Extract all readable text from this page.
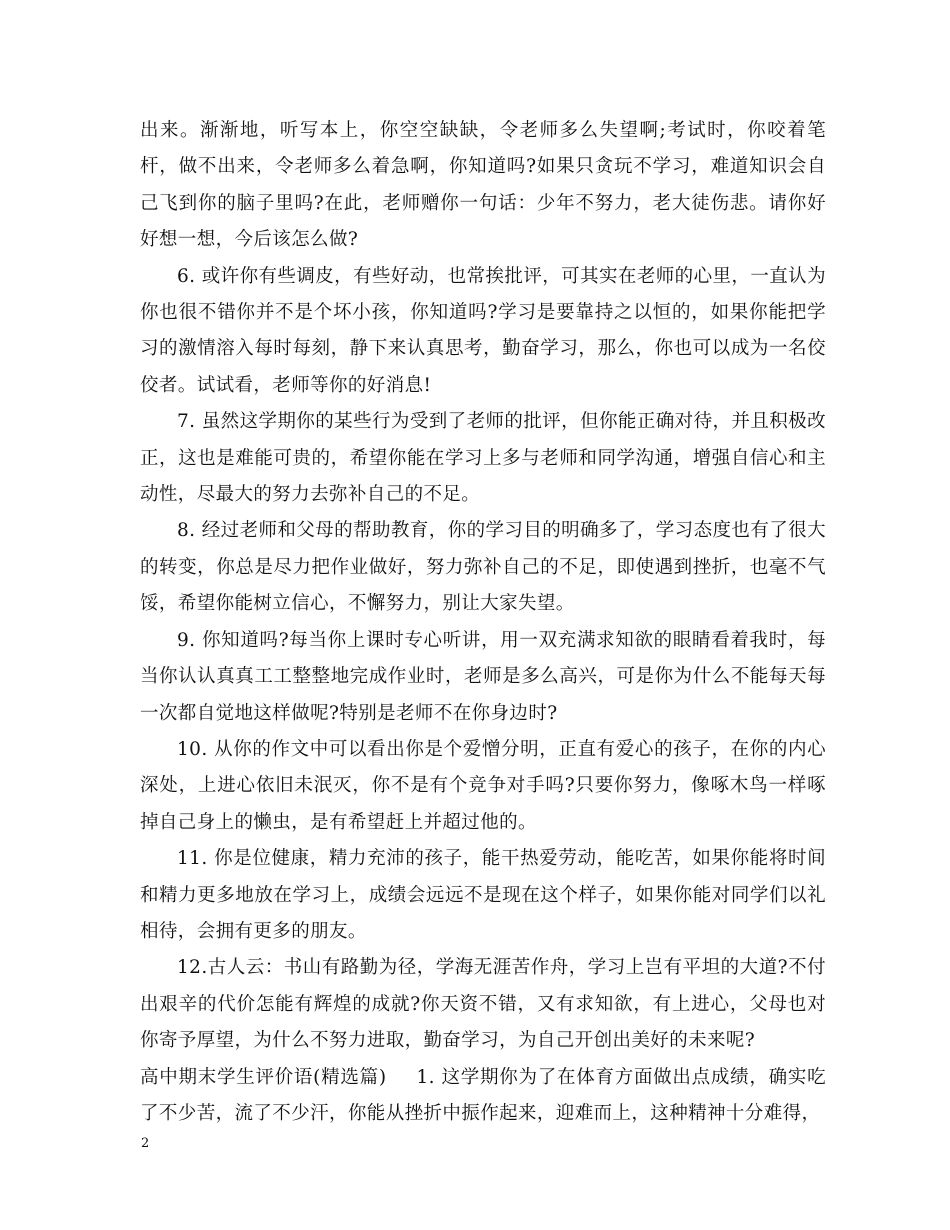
出来。渐渐地，听写本上，你空空缺缺，令老师多么失望啊;考试时，你咬着笔杆，做不出来，令老师多么着急啊，你知道吗?如果只贪玩不学习，难道知识会自己飞到你的脑子里吗?在此，老师赠你一句话：少年不努力，老大徒伤悲。请你好好想一想，今后该怎么做?

6. 或许你有些调皮，有些好动，也常挨批评，可其实在老师的心里，一直认为你也很不错你并不是个坏小孩，你知道吗?学习是要靠持之以恒的，如果你能把学习的激情溶入每时每刻，静下来认真思考，勤奋学习，那么，你也可以成为一名佼佼者。试试看，老师等你的好消息!

7. 虽然这学期你的某些行为受到了老师的批评，但你能正确对待，并且积极改正，这也是难能可贵的，希望你能在学习上多与老师和同学沟通，增强自信心和主动性，尽最大的努力去弥补自己的不足。

8. 经过老师和父母的帮助教育，你的学习目的明确多了，学习态度也有了很大的转变，你总是尽力把作业做好，努力弥补自己的不足，即使遇到挫折，也毫不气馁，希望你能树立信心，不懈努力，别让大家失望。

9. 你知道吗?每当你上课时专心听讲，用一双充满求知欲的眼睛看着我时，每当你认认真真工工整整地完成作业时，老师是多么高兴，可是你为什么不能每天每一次都自觉地这样做呢?特别是老师不在你身边时?

10. 从你的作文中可以看出你是个爱憎分明，正直有爱心的孩子，在你的内心深处，上进心依旧未泯灭，你不是有个竞争对手吗?只要你努力，像啄木鸟一样啄掉自己身上的懒虫，是有希望赶上并超过他的。

11. 你是位健康，精力充沛的孩子，能干热爱劳动，能吃苦，如果你能将时间和精力更多地放在学习上，成绩会远远不是现在这个样子，如果你能对同学们以礼相待，会拥有更多的朋友。

12.古人云：书山有路勤为径，学海无涯苦作舟，学习上岂有平坦的大道?不付出艰辛的代价怎能有辉煌的成就?你天资不错，又有求知欲，有上进心，父母也对你寄予厚望，为什么不努力进取，勤奋学习，为自己开创出美好的未来呢?

高中期末学生评价语(精选篇) 1. 这学期你为了在体育方面做出点成绩，确实吃了不少苦，流了不少汗，你能从挫折中振作起来，迎难而上，这种精神十分难得，

2
